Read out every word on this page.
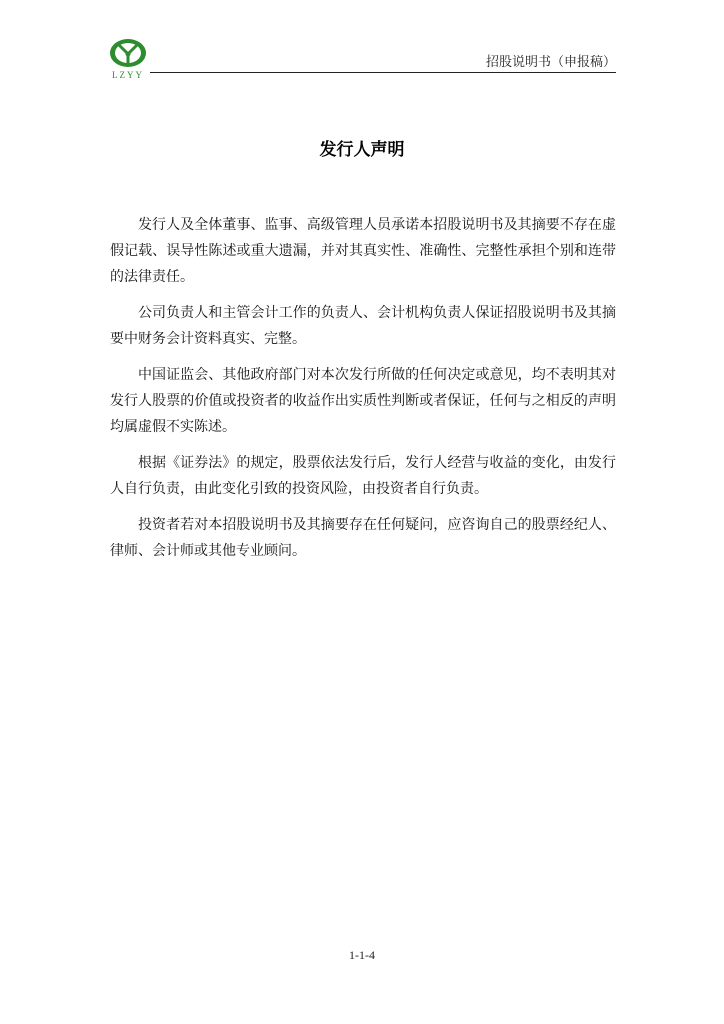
LZYY
招股说明书（申报稿）
发行人声明

发行人及全体董事、监事、高级管理人员承诺本招股说明书及其摘要不存在虚假记载、误导性陈述或重大遗漏，并对其真实性、准确性、完整性承担个别和连带的法律责任。

公司负责人和主管会计工作的负责人、会计机构负责人保证招股说明书及其摘要中财务会计资料真实、完整。

中国证监会、其他政府部门对本次发行所做的任何决定或意见，均不表明其对发行人股票的价值或投资者的收益作出实质性判断或者保证，任何与之相反的声明均属虚假不实陈述。

根据《证券法》的规定，股票依法发行后，发行人经营与收益的变化，由发行人自行负责，由此变化引致的投资风险，由投资者自行负责。

投资者若对本招股说明书及其摘要存在任何疑问，应咨询自己的股票经纪人、律师、会计师或其他专业顾问。

1-1-4
